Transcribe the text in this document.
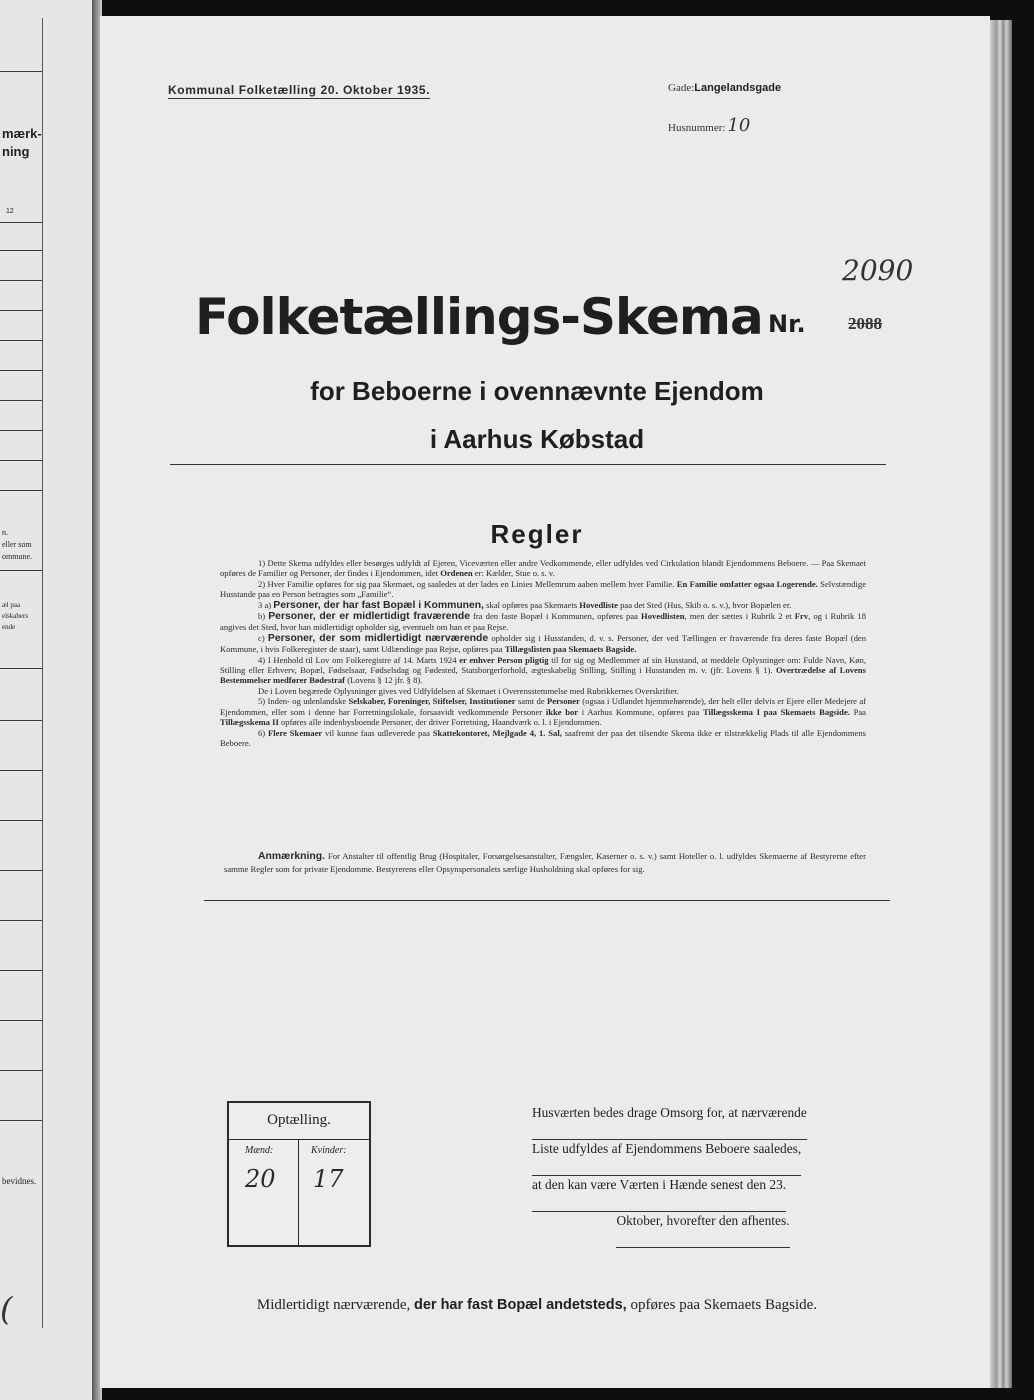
mærk-
ning
12
n.
eller som
ommune.
æl paa
elskabers
ende
bevidnes.
(
Kommunal Folketælling 20. Oktober 1935.	Gade: Langelandsgade
Husnummer: 10
2090
Folketællings-Skema Nr. 2088
for Beboerne i ovennævnte Ejendom
i Aarhus Købstad
Regler

1) Dette Skema udfyldes eller besørges udfyldt af Ejeren, Viceværten eller andre Vedkommende, eller udfyldes ved Cirkulation blandt Ejendommens Beboere. — Paa Skemaet opføres de Familier og Personer, der findes i Ejendommen, idet Ordenen er: Kælder, Stue o. s. v.

2) Hver Familie opføres for sig paa Skemaet, og saaledes at der lades en Linies Mellemrum aaben mellem hver Familie. En Familie omfatter ogsaa Logerende. Selvstændige Husstande paa en Person betragtes som „Familie“.

3 a) Personer, der har fast Bopæl i Kommunen, skal opføres paa Skemaets Hovedliste paa det Sted (Hus, Skib o. s. v.), hvor Bopælen er.

b) Personer, der er midlertidigt fraværende fra den faste Bopæl i Kommunen, opføres paa Hovedlisten, men der sættes i Rubrik 2 et Frv, og i Rubrik 18 angives det Sted, hvor han midlertidigt opholder sig, eventuelt om han er paa Rejse.

c) Personer, der som midlertidigt nærværende opholder sig i Husstanden, d. v. s. Personer, der ved Tællingen er fraværende fra deres faste Bopæl (den Kommune, i hvis Folkeregister de staar), samt Udlændinge paa Rejse, opføres paa Tillægslisten paa Skemaets Bagside.

4) I Henhold til Lov om Folkeregistre af 14. Marts 1924 er enhver Person pligtig til for sig og Medlemmer af sin Husstand, at meddele Oplysninger om: Fulde Navn, Køn, Stilling eller Erhverv, Bopæl, Fødselsaar, Fødselsdag og Fødested, Statsborgerforhold, ægteskabelig Stilling, Stilling i Husstanden m. v. (jfr. Lovens § 1). Overtrædelse af Lovens Bestemmelser medfører Bødestraf (Lovens § 12 jfr. § 8).

De i Loven begærede Oplysninger gives ved Udfyldelsen af Skemaet i Overensstemmelse med Rubrikkernes Overskrifter.

5) Inden- og udenlandske Selskaber, Foreninger, Stiftelser, Institutioner samt de Personer (ogsaa i Udlandet hjemmehørende), der helt eller delvis er Ejere eller Medejere af Ejendommen, eller som i denne har Forretningslokale, forsaavidt vedkommende Personer ikke bor i Aarhus Kommune, opføres paa Tillægsskema I paa Skemaets Bagside. Paa Tillægsskema II opføres alle indenbysboende Personer, der driver Forretning, Haandværk o. l. i Ejendommen.

6) Flere Skemaer vil kunne faas udleverede paa Skattekontoret, Mejlgade 4, 1. Sal, saafremt der paa det tilsendte Skema ikke er tilstrækkelig Plads til alle Ejendommens Beboere.

Anmærkning. For Anstalter til offentlig Brug (Hospitaler, Forsørgelsesanstalter, Fængsler, Kaserner o. s. v.) samt Hoteller o. l. udfyldes Skemaerne af Bestyrerne efter samme Regler som for private Ejendomme. Bestyrerens eller Opsynspersonalets særlige Husholdning skal opføres for sig.
Optælling.
Mænd:	Kvinder:
20 17
Husværten bedes drage Omsorg for, at nærværende
Liste udfyldes af Ejendommens Beboere saaledes,
at den kan være Værten i Hænde senest den 23.
Oktober, hvorefter den afhentes.
Midlertidigt nærværende, der har fast Bopæl andetsteds, opføres paa Skemaets Bagside.
